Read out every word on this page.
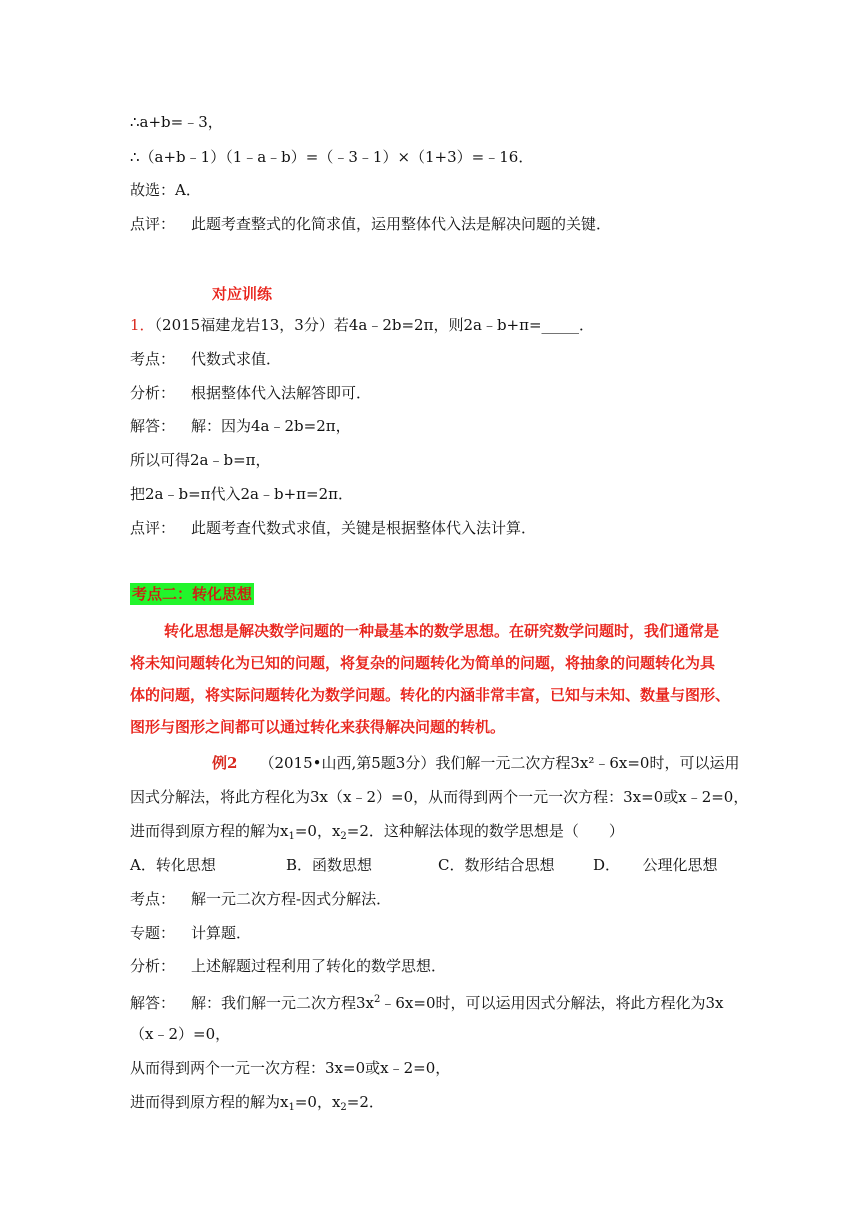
∴a+b=﹣3，
∴（a+b﹣1）（1﹣a﹣b）=（﹣3﹣1）×（1+3）=﹣16．
故选：A．
点评： 此题考查整式的化简求值，运用整体代入法是解决问题的关键．
对应训练
1．（2015福建龙岩13，3分）若4a﹣2b=2π，则2a﹣b+π=_____．
考点： 代数式求值．
分析： 根据整体代入法解答即可．
解答： 解：因为4a﹣2b=2π，
所以可得2a﹣b=π，
把2a﹣b=π代入2a﹣b+π=2π．
点评： 此题考查代数式求值，关键是根据整体代入法计算．
考点二：转化思想
转化思想是解决数学问题的一种最基本的数学思想。在研究数学问题时，我们通常是
将未知问题转化为已知的问题，将复杂的问题转化为简单的问题，将抽象的问题转化为具
体的问题，将实际问题转化为数学问题。转化的内涵非常丰富，已知与未知、数量与图形、
图形与图形之间都可以通过转化来获得解决问题的转机。
例2 （2015•山西,第5题3分）我们解一元二次方程3x²﹣6x=0时，可以运用
因式分解法，将此方程化为3x（x﹣2）=0，从而得到两个一元一次方程：3x=0或x﹣2=0，
进而得到原方程的解为$x_1=0$，$x_2=2$．这种解法体现的数学思想是（　　）
A．转化思想	B．函数思想	C．数形结合思想	D．　　公理化思想
考点： 解一元二次方程-因式分解法．
专题： 计算题．
分析： 上述解题过程利用了转化的数学思想．
解答： 解：我们解一元二次方程$3x^2﹣6x=0$时，可以运用因式分解法，将此方程化为3x
（x﹣2）=0，
从而得到两个一元一次方程：3x=0或x﹣2=0，
进而得到原方程的解为$x_1=0$，$x_2=2$．
